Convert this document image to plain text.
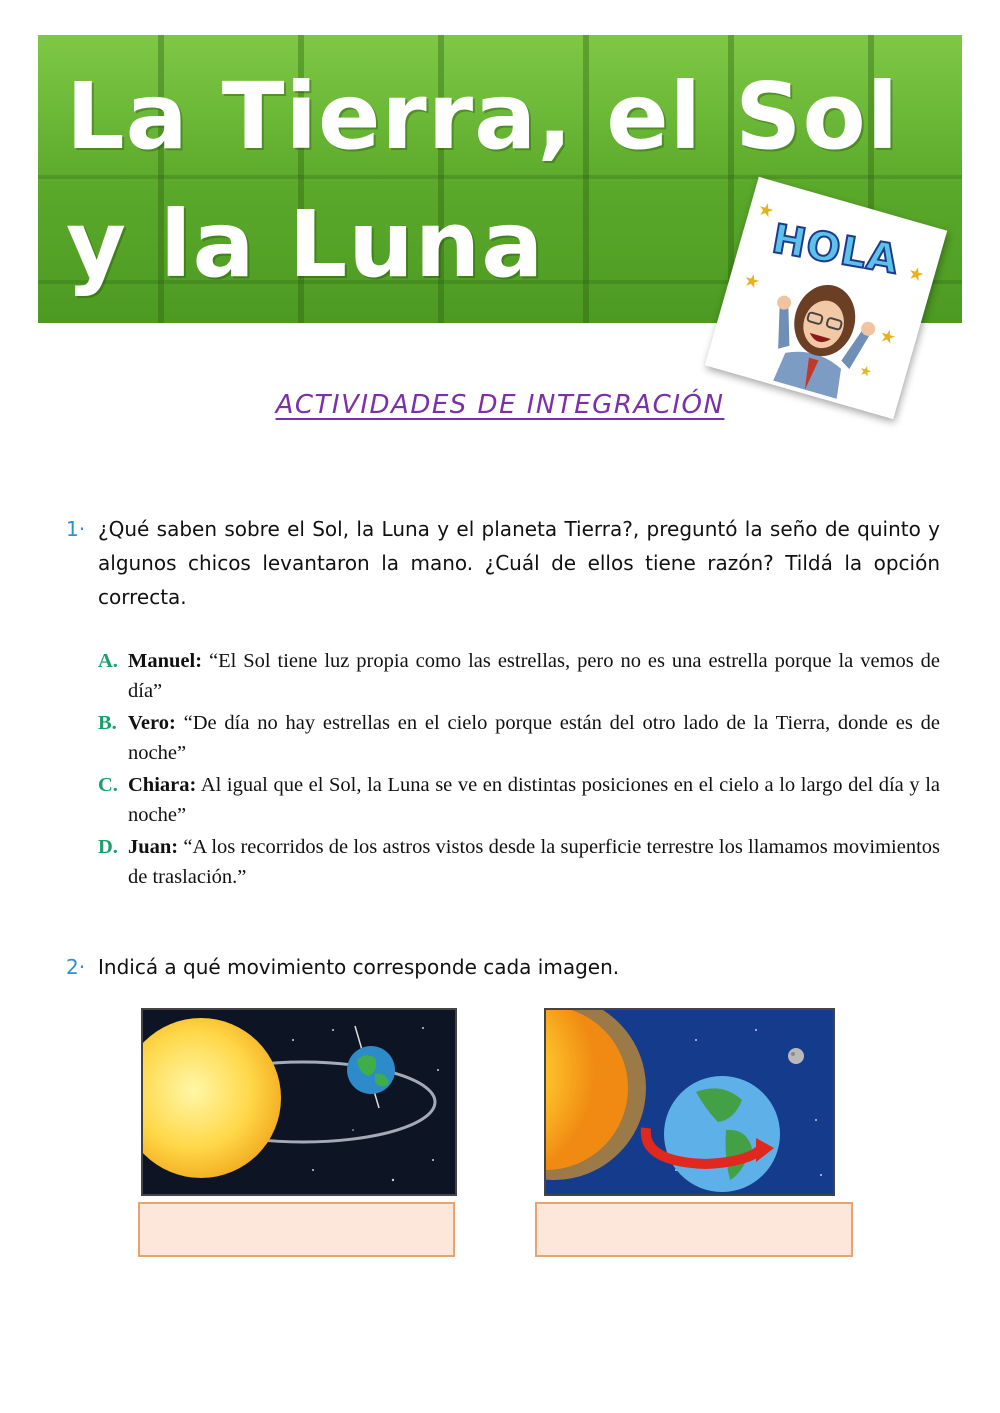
La Tierra, el Sol
y la Luna	HOLA
★
★
★
★
★
ACTIVIDADES DE INTEGRACIÓN
1· ¿Qué saben sobre el Sol, la Luna y el planeta Tierra?, preguntó la seño de quinto y algunos chicos levantaron la mano. ¿Cuál de ellos tiene razón? Tildá la opción correcta.
A. Manuel: “El Sol tiene luz propia como las estrellas, pero no es una estrella porque la vemos de día”
B. Vero: “De día no hay estrellas en el cielo porque están del otro lado de la Tierra, donde es de noche”
C. Chiara: Al igual que el Sol, la Luna se ve en distintas posiciones en el cielo a lo largo del día y la noche”
D. Juan: “A los recorridos de los astros vistos desde la superficie terrestre los llamamos movimientos de traslación.”
2· Indicá a qué movimiento corresponde cada imagen.
